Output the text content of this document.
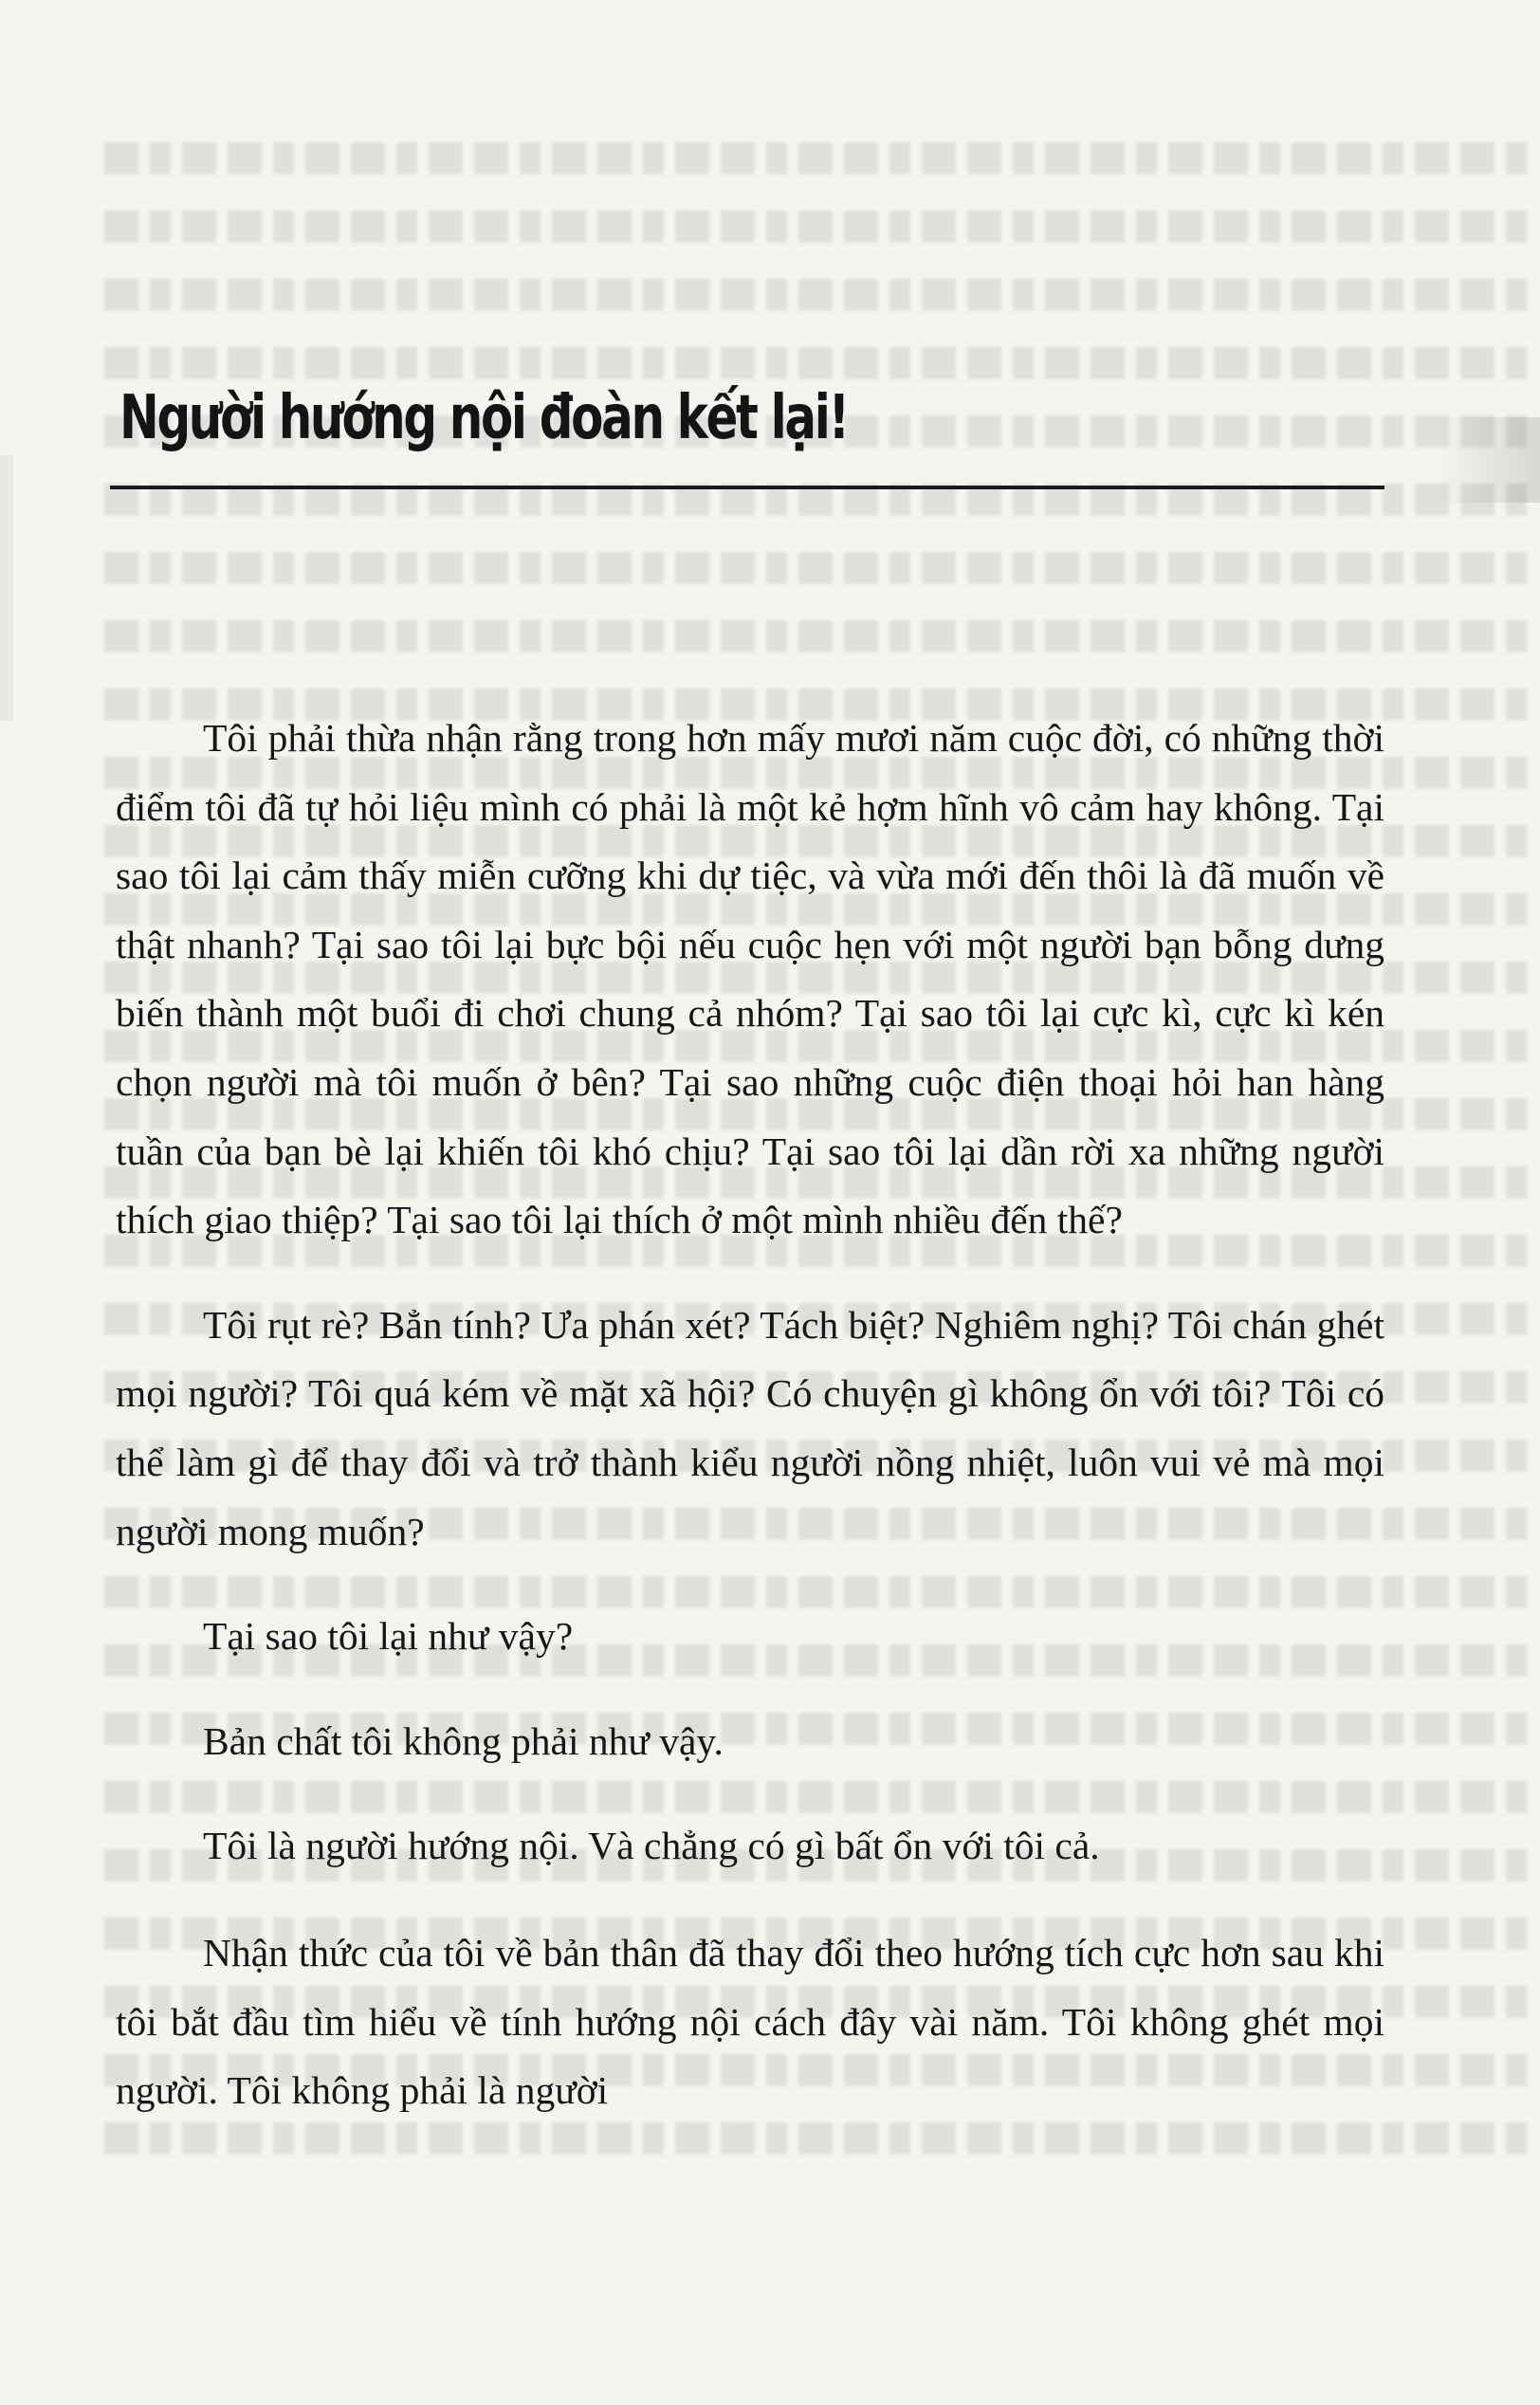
Người hướng nội đoàn kết lại!

Tôi phải thừa nhận rằng trong hơn mấy mươi năm cuộc đời, có những thời điểm tôi đã tự hỏi liệu mình có phải là một kẻ hợm hĩnh vô cảm hay không. Tại sao tôi lại cảm thấy miễn cưỡng khi dự tiệc, và vừa mới đến thôi là đã muốn về thật nhanh? Tại sao tôi lại bực bội nếu cuộc hẹn với một người bạn bỗng dưng biến thành một buổi đi chơi chung cả nhóm? Tại sao tôi lại cực kì, cực kì kén chọn người mà tôi muốn ở bên? Tại sao những cuộc điện thoại hỏi han hàng tuần của bạn bè lại khiến tôi khó chịu? Tại sao tôi lại dần rời xa những người thích giao thiệp? Tại sao tôi lại thích ở một mình nhiều đến thế?

Tôi rụt rè? Bẳn tính? Ưa phán xét? Tách biệt? Nghiêm nghị? Tôi chán ghét mọi người? Tôi quá kém về mặt xã hội? Có chuyện gì không ổn với tôi? Tôi có thể làm gì để thay đổi và trở thành kiểu người nồng nhiệt, luôn vui vẻ mà mọi người mong muốn?

Tại sao tôi lại như vậy?

Bản chất tôi không phải như vậy.

Tôi là người hướng nội. Và chẳng có gì bất ổn với tôi cả.

Nhận thức của tôi về bản thân đã thay đổi theo hướng tích cực hơn sau khi tôi bắt đầu tìm hiểu về tính hướng nội cách đây vài năm. Tôi không ghét mọi người. Tôi không phải là người
